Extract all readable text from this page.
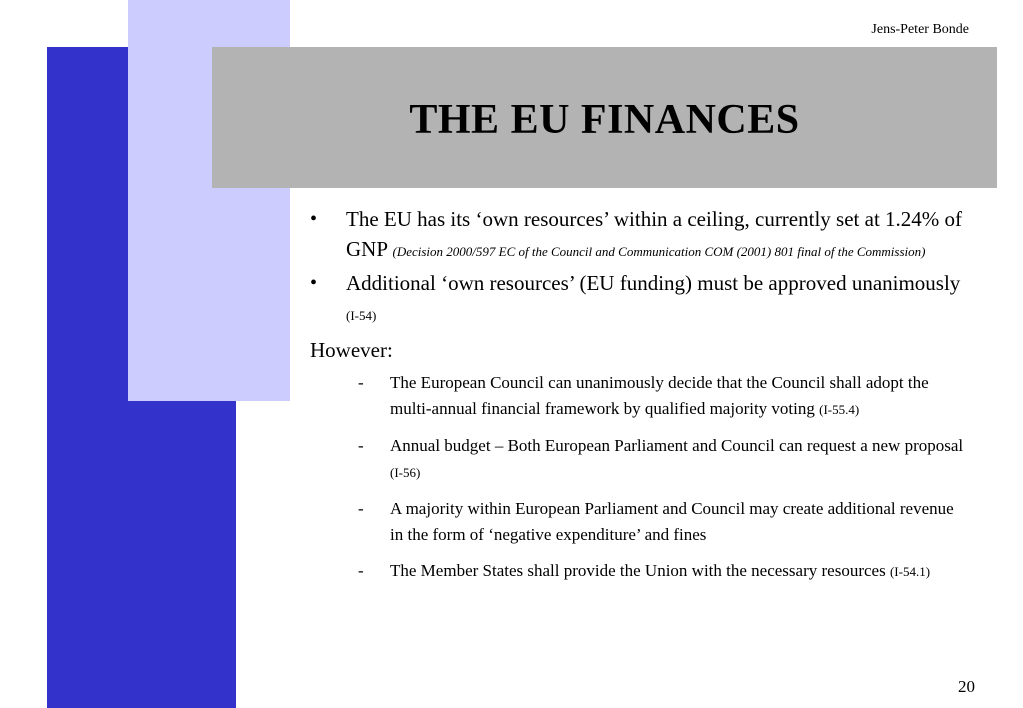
Jens-Peter Bonde
THE EU FINANCES
• The EU has its ‘own resources’ within a ceiling, currently set at 1.24% of GNP (Decision 2000/597 EC of the Council and Communication COM (2001) 801 final of the Commission)
• Additional ‘own resources’ (EU funding) must be approved unanimously (I-54)
However:
- The European Council can unanimously decide that the Council shall adopt the multi-annual financial framework by qualified majority voting (I-55.4)
- Annual budget – Both European Parliament and Council can request a new proposal (I-56)
- A majority within European Parliament and Council may create additional revenue in the form of ‘negative expenditure’ and fines
- The Member States shall provide the Union with the necessary resources (I-54.1)
20
